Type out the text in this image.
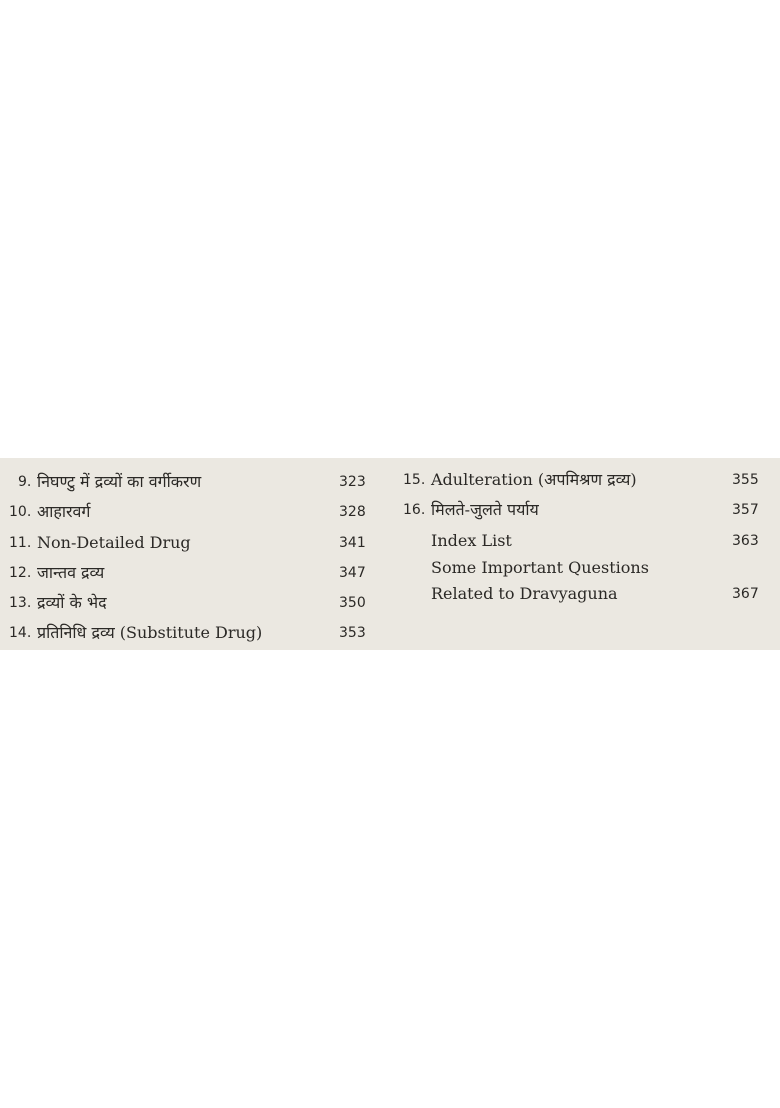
9. निघण्टु में द्रव्यों का वर्गीकरण	323
10. आहारवर्ग	328
11. Non-Detailed Drug	341
12. जान्तव द्रव्य	347
13. द्रव्यों के भेद	350
14. प्रतिनिधि द्रव्य (Substitute Drug)	353
15. Adulteration (अपमिश्रण द्रव्य)	355
16. मिलते-जुलते पर्याय	357
Index List	363
Some Important Questions
Related to Dravyaguna	367
